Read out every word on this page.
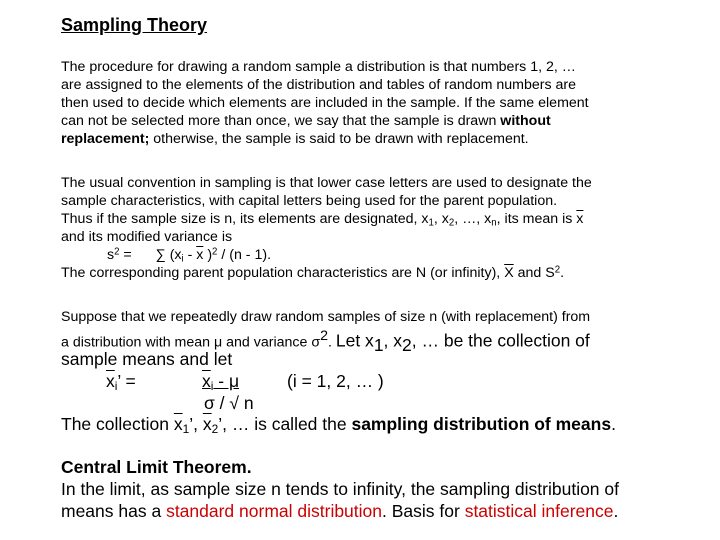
Sampling Theory
The procedure for drawing a random sample a distribution is that numbers 1, 2, …
are assigned to the elements of the distribution and tables of random numbers are
then used to decide which elements are included in the sample. If the same element
can not be selected more than once, we say that the sample is drawn without
replacement; otherwise, the sample is said to be drawn with replacement.
The usual convention in sampling is that lower case letters are used to designate the
sample characteristics, with capital letters being used for the parent population.
Thus if the sample size is n, its elements are designated, $x_1$, $x_2$, …, $x_n$, its mean is $\overline{x}$
and its modified variance is
$s^2$ = ∑ ($x_i - \overline{x}$ )$^2$ / (n - 1).
The corresponding parent population characteristics are N (or infinity), $\overline{X}$ and $S^2$.
Suppose that we repeatedly draw random samples of size n (with replacement) from
a distribution with mean μ and variance $\sigma^2$. Let $x_1$, $x_2$, … be the collection of
sample means and let
$\overline{x}_i$’ =	$x_i$ - μ	(i = 1, 2, … )
σ / √ n
The collection $\overline{x}_1$’, $\overline{x}_2$’, … is called the sampling distribution of means.
Central Limit Theorem.
In the limit, as sample size n tends to infinity, the sampling distribution of
means has a standard normal distribution. Basis for statistical inference.
